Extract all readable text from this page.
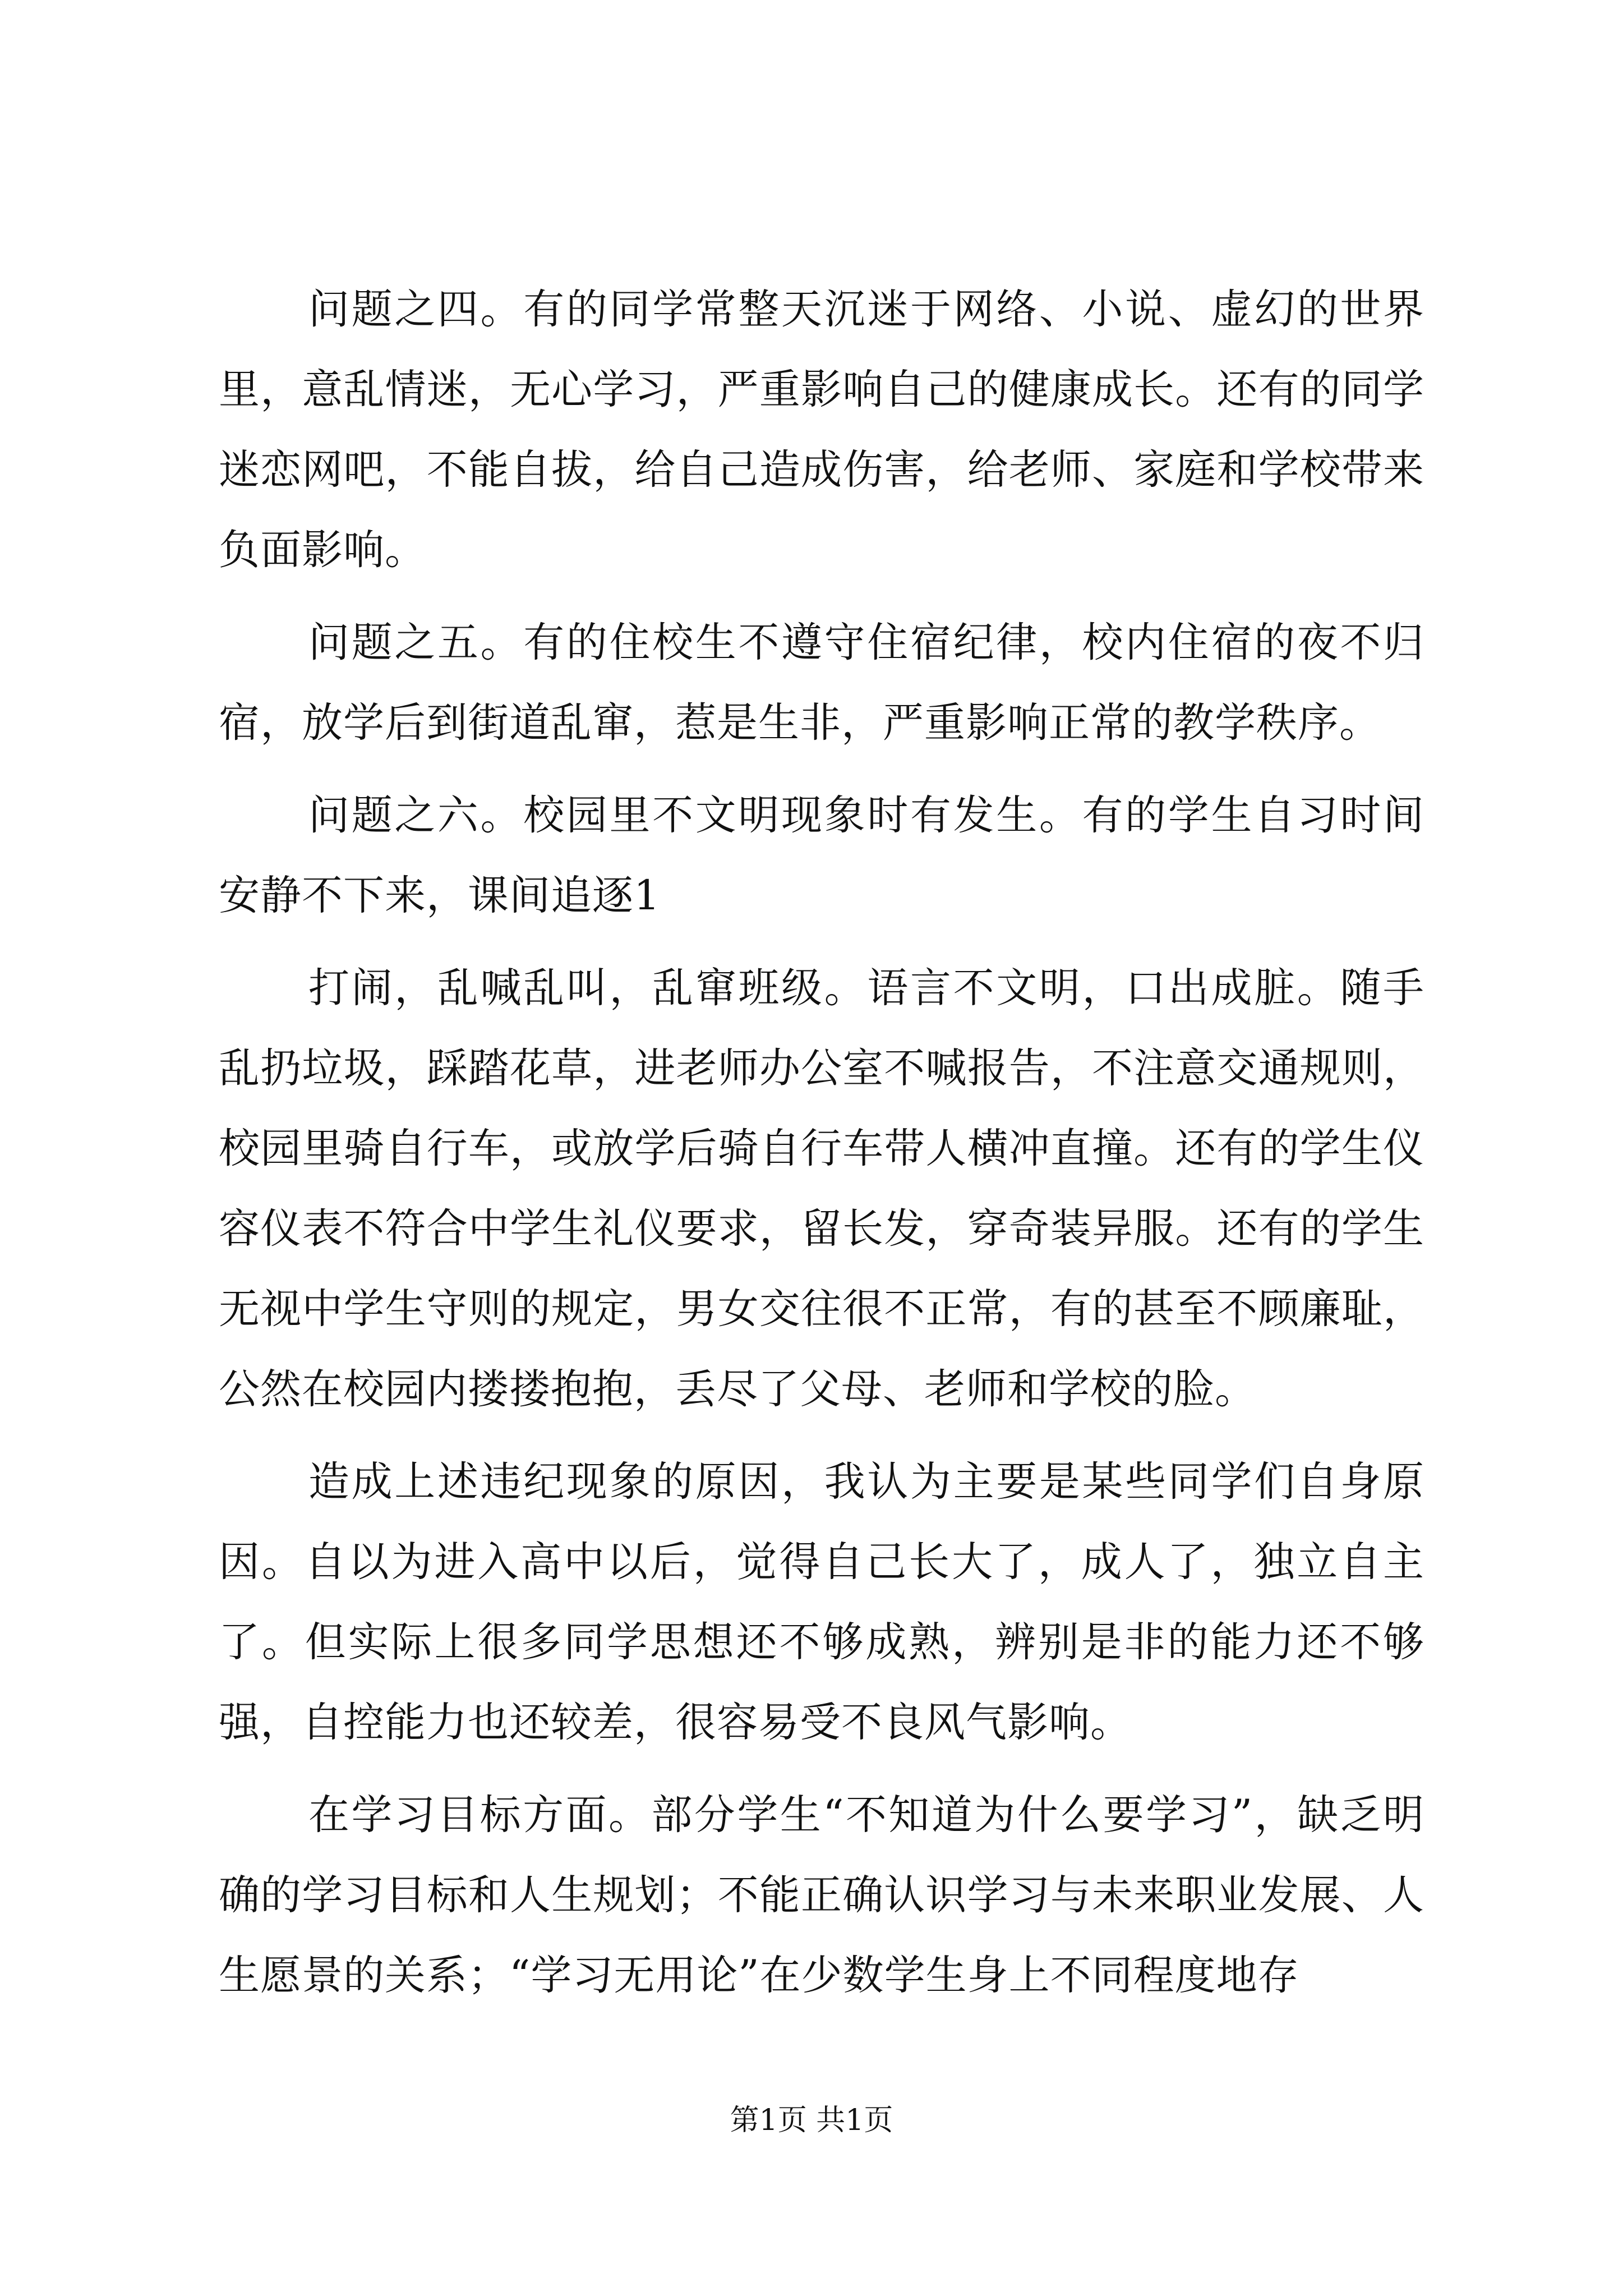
问题之四。有的同学常整天沉迷于网络、小说、虚幻的世界里，意乱情迷，无心学习，严重影响自己的健康成长。还有的同学迷恋网吧，不能自拔，给自己造成伤害，给老师、家庭和学校带来负面影响。

问题之五。有的住校生不遵守住宿纪律，校内住宿的夜不归宿，放学后到街道乱窜，惹是生非，严重影响正常的教学秩序。

问题之六。校园里不文明现象时有发生。有的学生自习时间安静不下来，课间追逐1

打闹，乱喊乱叫，乱窜班级。语言不文明，口出成脏。随手乱扔垃圾，踩踏花草，进老师办公室不喊报告，不注意交通规则，校园里骑自行车，或放学后骑自行车带人横冲直撞。还有的学生仪容仪表不符合中学生礼仪要求，留长发，穿奇装异服。还有的学生无视中学生守则的规定，男女交往很不正常，有的甚至不顾廉耻，公然在校园内搂搂抱抱，丢尽了父母、老师和学校的脸。

造成上述违纪现象的原因，我认为主要是某些同学们自身原因。自以为进入高中以后，觉得自己长大了，成人了，独立自主了。但实际上很多同学思想还不够成熟，辨别是非的能力还不够强，自控能力也还较差，很容易受不良风气影响。

在学习目标方面。部分学生“不知道为什么要学习”，缺乏明确的学习目标和人生规划；不能正确认识学习与未来职业发展、人生愿景的关系；“学习无用论”在少数学生身上不同程度地存

第1页 共1页
